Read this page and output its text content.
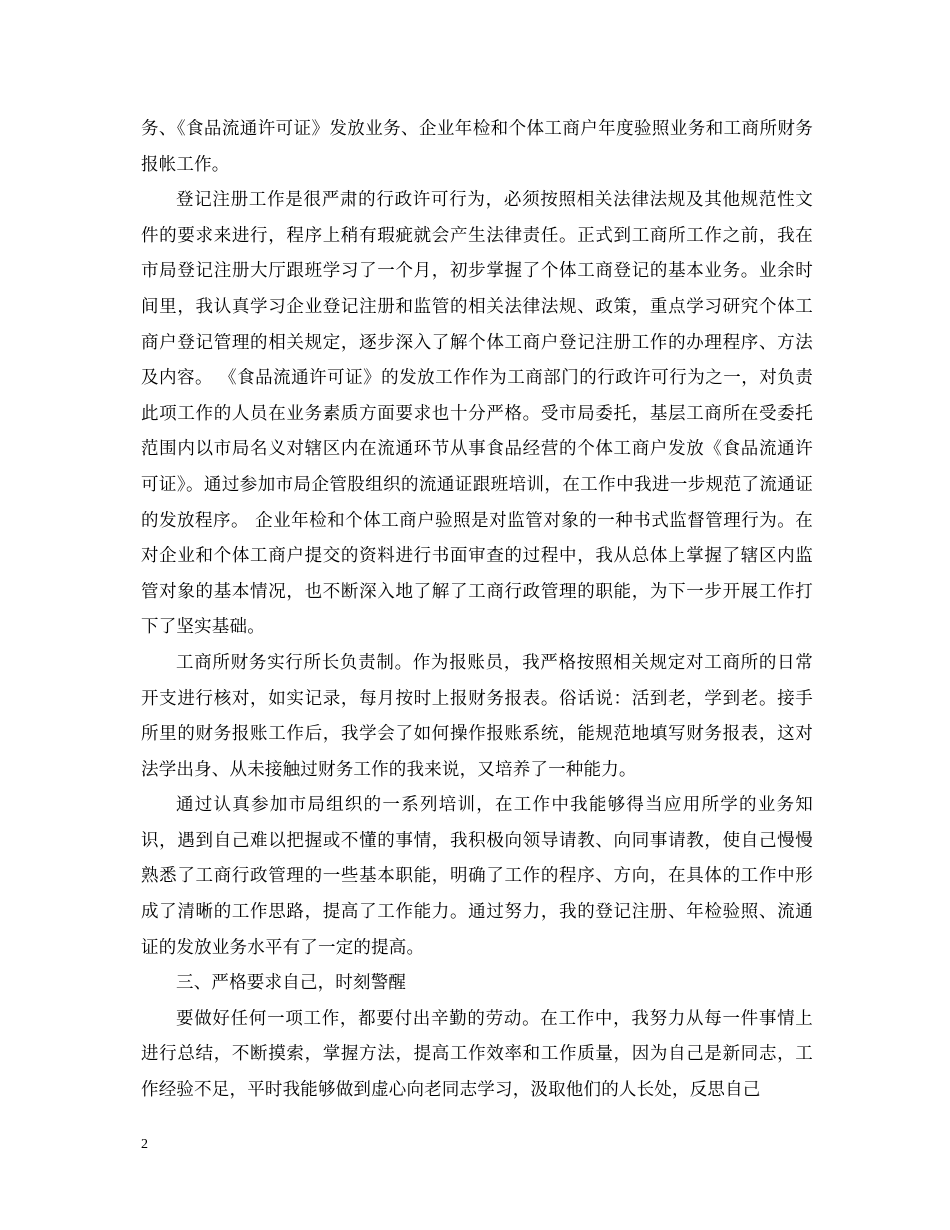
务、《食品流通许可证》发放业务、企业年检和个体工商户年度验照业务和工商所财务报帐工作。

登记注册工作是很严肃的行政许可行为，必须按照相关法律法规及其他规范性文件的要求来进行，程序上稍有瑕疵就会产生法律责任。正式到工商所工作之前，我在市局登记注册大厅跟班学习了一个月，初步掌握了个体工商登记的基本业务。业余时间里，我认真学习企业登记注册和监管的相关法律法规、政策，重点学习研究个体工商户登记管理的相关规定，逐步深入了解个体工商户登记注册工作的办理程序、方法及内容。 《食品流通许可证》的发放工作作为工商部门的行政许可行为之一，对负责此项工作的人员在业务素质方面要求也十分严格。受市局委托，基层工商所在受委托范围内以市局名义对辖区内在流通环节从事食品经营的个体工商户发放《食品流通许可证》。通过参加市局企管股组织的流通证跟班培训，在工作中我进一步规范了流通证的发放程序。 企业年检和个体工商户验照是对监管对象的一种书式监督管理行为。在对企业和个体工商户提交的资料进行书面审查的过程中，我从总体上掌握了辖区内监管对象的基本情况，也不断深入地了解了工商行政管理的职能，为下一步开展工作打下了坚实基础。

工商所财务实行所长负责制。作为报账员，我严格按照相关规定对工商所的日常开支进行核对，如实记录，每月按时上报财务报表。俗话说：活到老，学到老。接手所里的财务报账工作后，我学会了如何操作报账系统，能规范地填写财务报表，这对法学出身、从未接触过财务工作的我来说，又培养了一种能力。

通过认真参加市局组织的一系列培训，在工作中我能够得当应用所学的业务知识，遇到自己难以把握或不懂的事情，我积极向领导请教、向同事请教，使自己慢慢熟悉了工商行政管理的一些基本职能，明确了工作的程序、方向，在具体的工作中形成了清晰的工作思路，提高了工作能力。通过努力，我的登记注册、年检验照、流通证的发放业务水平有了一定的提高。

三、严格要求自己，时刻警醒

要做好任何一项工作，都要付出辛勤的劳动。在工作中，我努力从每一件事情上进行总结，不断摸索，掌握方法，提高工作效率和工作质量，因为自己是新同志，工作经验不足，平时我能够做到虚心向老同志学习，汲取他们的人长处，反思自己

2
